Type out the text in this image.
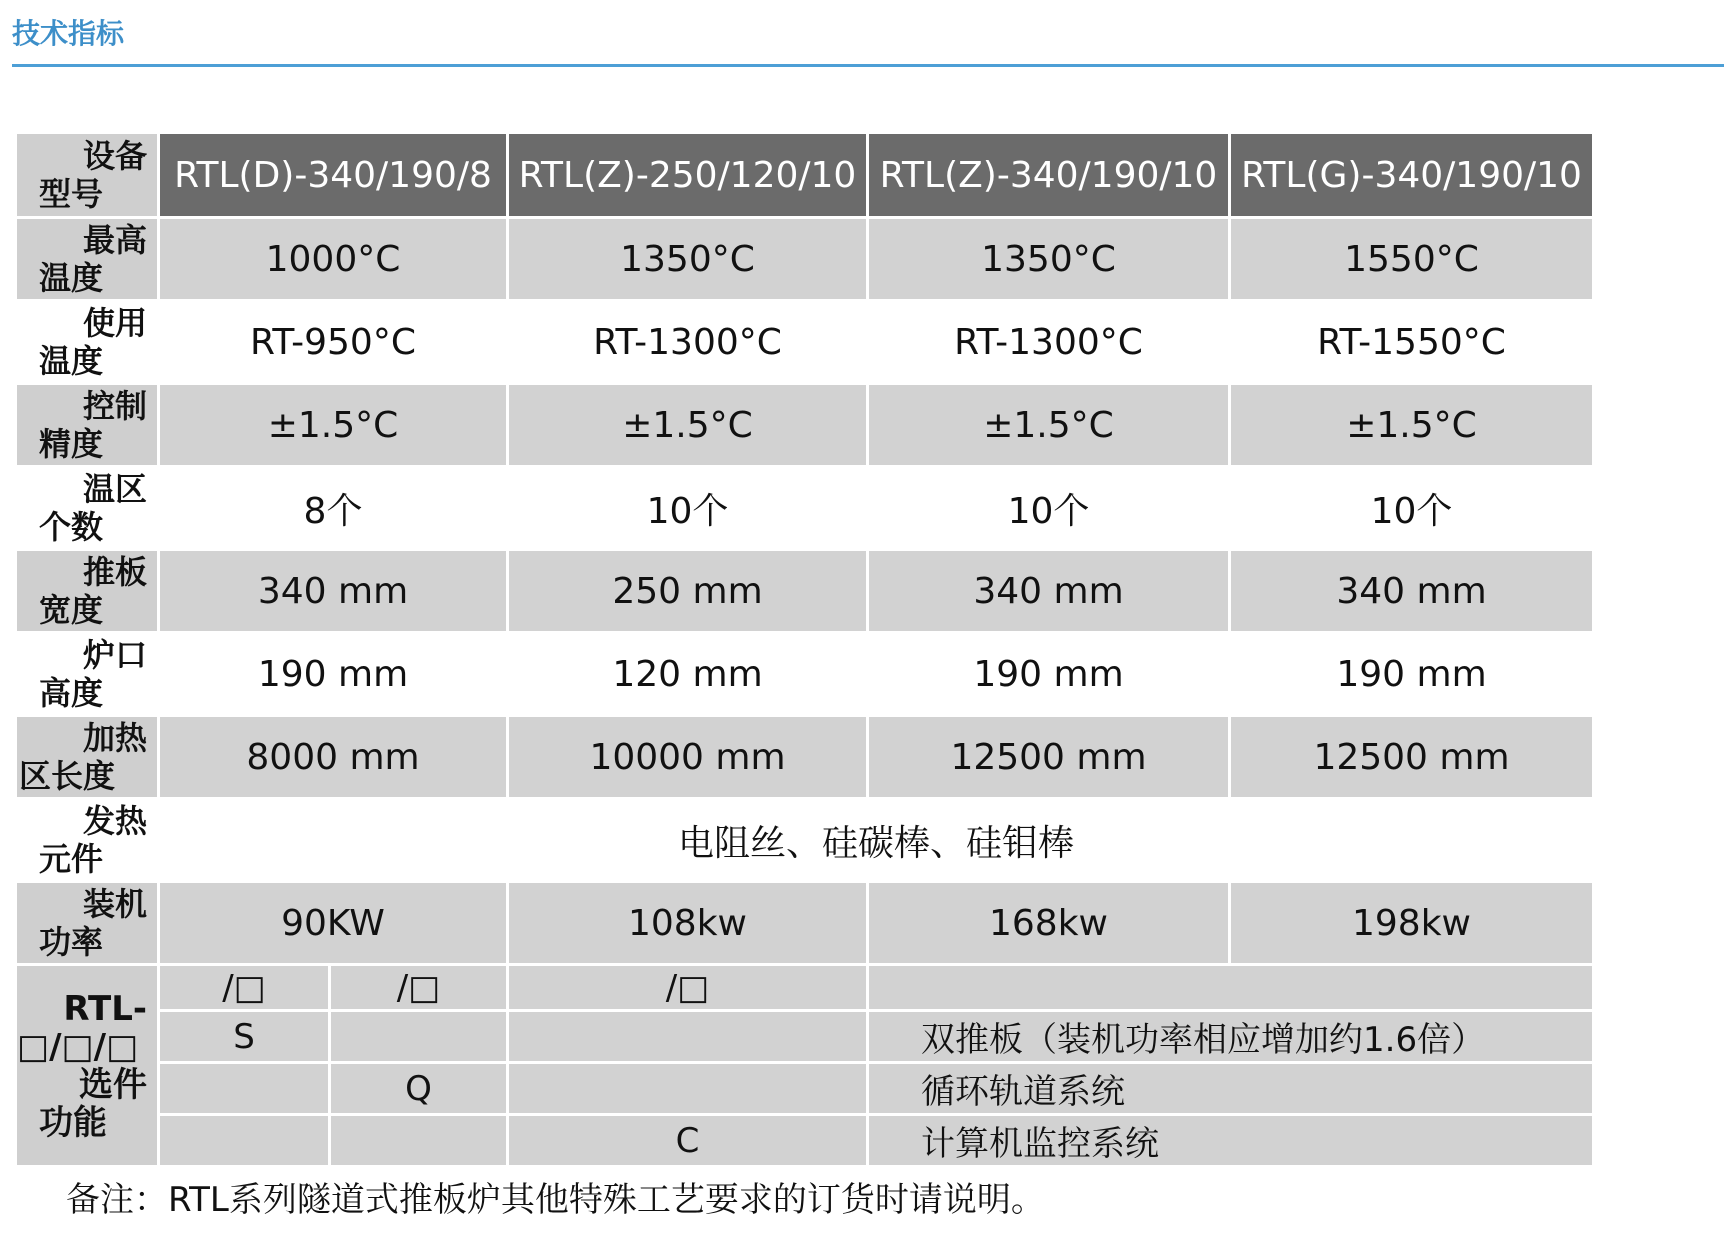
技术指标
设备
型号	RTL(D)-340/190/8		RTL(Z)-250/120/10	RTL(Z)-340/190/10	RTL(G)-340/190/10

最高
温度	1000°C		1350°C	1350°C	1550°C

使用
温度	RT-950°C		RT-1300°C	RT-1300°C	RT-1550°C

控制
精度	±1.5°C		±1.5°C	±1.5°C	±1.5°C

温区
个数	8个		10个	10个	10个

推板
宽度	340 mm		250 mm	340 mm	340 mm

炉口
高度	190 mm		120 mm	190 mm	190 mm

加热
区长度	8000 mm		10000 mm	12500 mm	12500 mm

发热
元件	电阻丝、硅碳棒、硅钼棒				

装机
功率	90KW		108kw	168kw	198kw

RTL-
□/□/□
选件
功能	/□	/□	/□		
	S			双推板（装机功率相应增加约1.6倍）	
		Q		循环轨道系统	
			C	计算机监控系统	
备注：RTL系列隧道式推板炉其他特殊工艺要求的订货时请说明。
